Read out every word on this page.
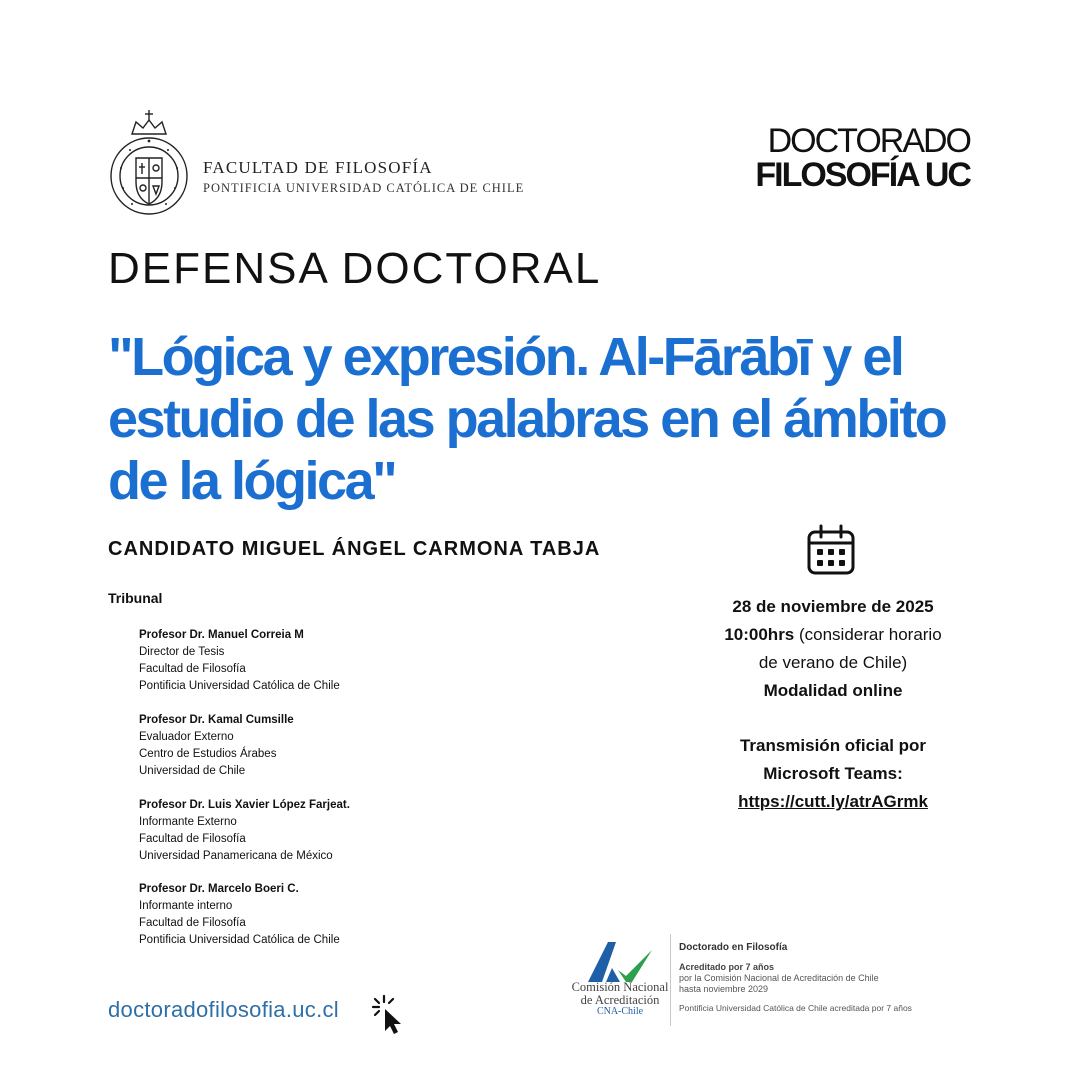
FACULTAD DE FILOSOFÍA
PONTIFICIA UNIVERSIDAD CATÓLICA DE CHILE
DOCTORADO
FILOSOFÍA UC
DEFENSA DOCTORAL
"Lógica y expresión. Al-Fārābī y el estudio de las palabras en el ámbito de la lógica"
CANDIDATO MIGUEL ÁNGEL CARMONA TABJA
Tribunal
Profesor Dr. Manuel Correia M
Director de Tesis
Facultad de Filosofía
Pontificia Universidad Católica de Chile
Profesor Dr. Kamal Cumsille
Evaluador Externo
Centro de Estudios Árabes
Universidad de Chile
Profesor Dr. Luis Xavier López Farjeat.
Informante Externo
Facultad de Filosofía
Universidad Panamericana de México
Profesor Dr. Marcelo Boeri C.
Informante interno
Facultad de Filosofía
Pontificia Universidad Católica de Chile
28 de noviembre de 2025
10:00hrs (considerar horario
de verano de Chile)
Modalidad online
Transmisión oficial por
Microsoft Teams:
https://cutt.ly/atrAGrmk
doctoradofilosofia.uc.cl
Comisión Nacional
de Acreditación
CNA-Chile
Doctorado en Filosofía
Acreditado por 7 años
por la Comisión Nacional de Acreditación de Chile
hasta noviembre 2029
Pontificia Universidad Católica de Chile acreditada por 7 años
